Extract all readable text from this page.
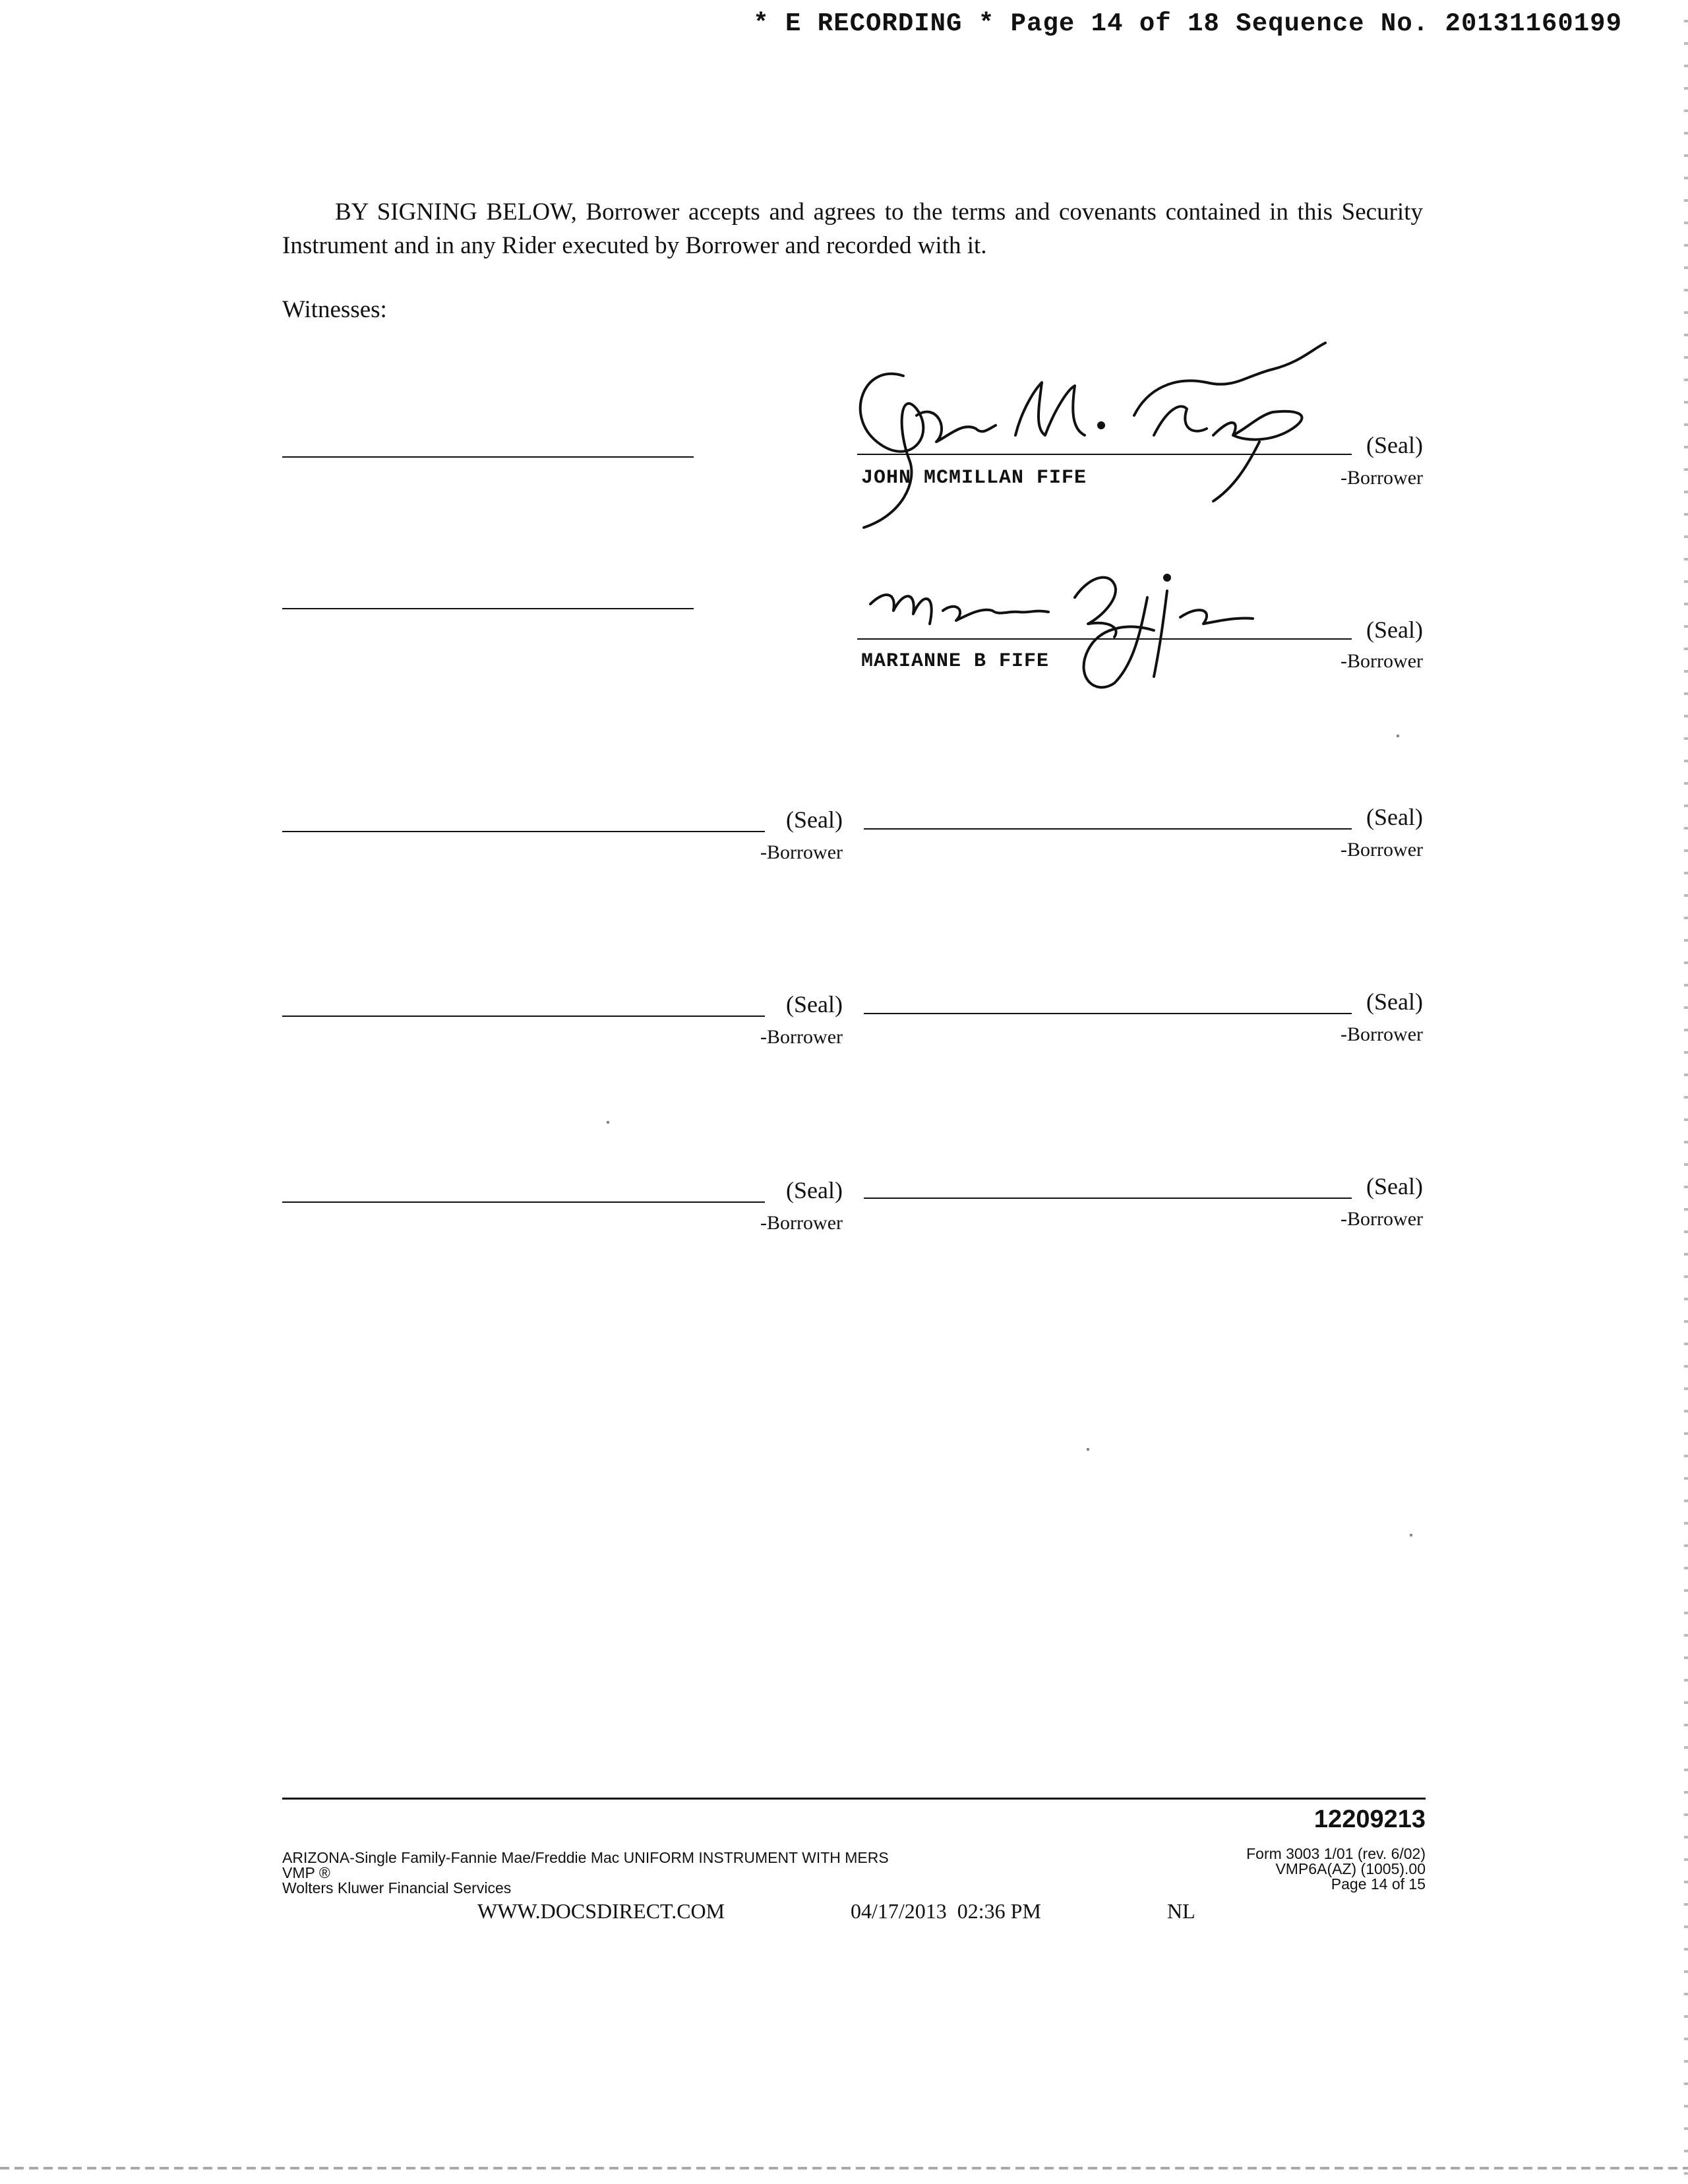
* E RECORDING * Page 14 of 18 Sequence No. 20131160199
BY SIGNING BELOW, Borrower accepts and agrees to the terms and covenants contained in this Security Instrument and in any Rider executed by Borrower and recorded with it.
Witnesses:
(Seal)
-Borrower
JOHN MCMILLAN FIFE
(Seal)
-Borrower
MARIANNE B FIFE
(Seal)
-Borrower
(Seal)
-Borrower
(Seal)
-Borrower
(Seal)
-Borrower
(Seal)
-Borrower
(Seal)
-Borrower
12209213
ARIZONA-Single Family-Fannie Mae/Freddie Mac UNIFORM INSTRUMENT WITH MERS
VMP ®
Wolters Kluwer Financial Services
Form 3003 1/01 (rev. 6/02)
VMP6A(AZ) (1005).00
Page 14 of 15
WWW.DOCSDIRECT.COM	04/17/2013  02:36 PM	NL
